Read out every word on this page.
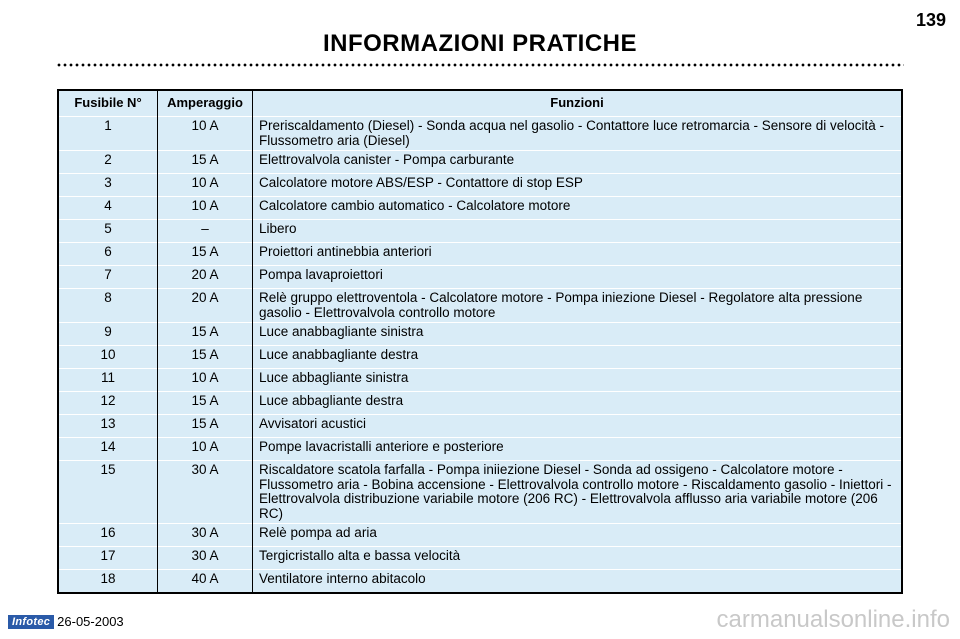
139
INFORMAZIONI PRATICHE
Fusibile N°	Amperaggio	Funzioni
1	10 A	Preriscaldamento (Diesel) - Sonda acqua nel gasolio - Contattore luce retromarcia - Sensore di velocità - Flussometro aria (Diesel)
2	15 A	Elettrovalvola canister - Pompa carburante
3	10 A	Calcolatore motore ABS/ESP - Contattore di stop ESP
4	10 A	Calcolatore cambio automatico - Calcolatore motore
5	–	Libero
6	15 A	Proiettori antinebbia anteriori
7	20 A	Pompa lavaproiettori
8	20 A	Relè gruppo elettroventola - Calcolatore motore - Pompa iniezione Diesel - Regolatore alta pressione gasolio - Elettrovalvola controllo motore
9	15 A	Luce anabbagliante sinistra
10	15 A	Luce anabbagliante destra
11	10 A	Luce abbagliante sinistra
12	15 A	Luce abbagliante destra
13	15 A	Avvisatori acustici
14	10 A	Pompe lavacristalli anteriore e posteriore
15	30 A	Riscaldatore scatola farfalla - Pompa iniiezione Diesel - Sonda ad ossigeno - Calcolatore motore - Flussometro aria - Bobina accensione - Elettrovalvola controllo motore - Riscaldamento gasolio - Iniettori - Elettrovalvola distribuzione variabile motore (206 RC) - Elettrovalvola afflusso aria variabile motore (206 RC)
16	30 A	Relè pompa ad aria
17	30 A	Tergicristallo alta e bassa velocità
18	40 A	Ventilatore interno abitacolo
Infotec 26-05-2003	carmanualsonline.info
